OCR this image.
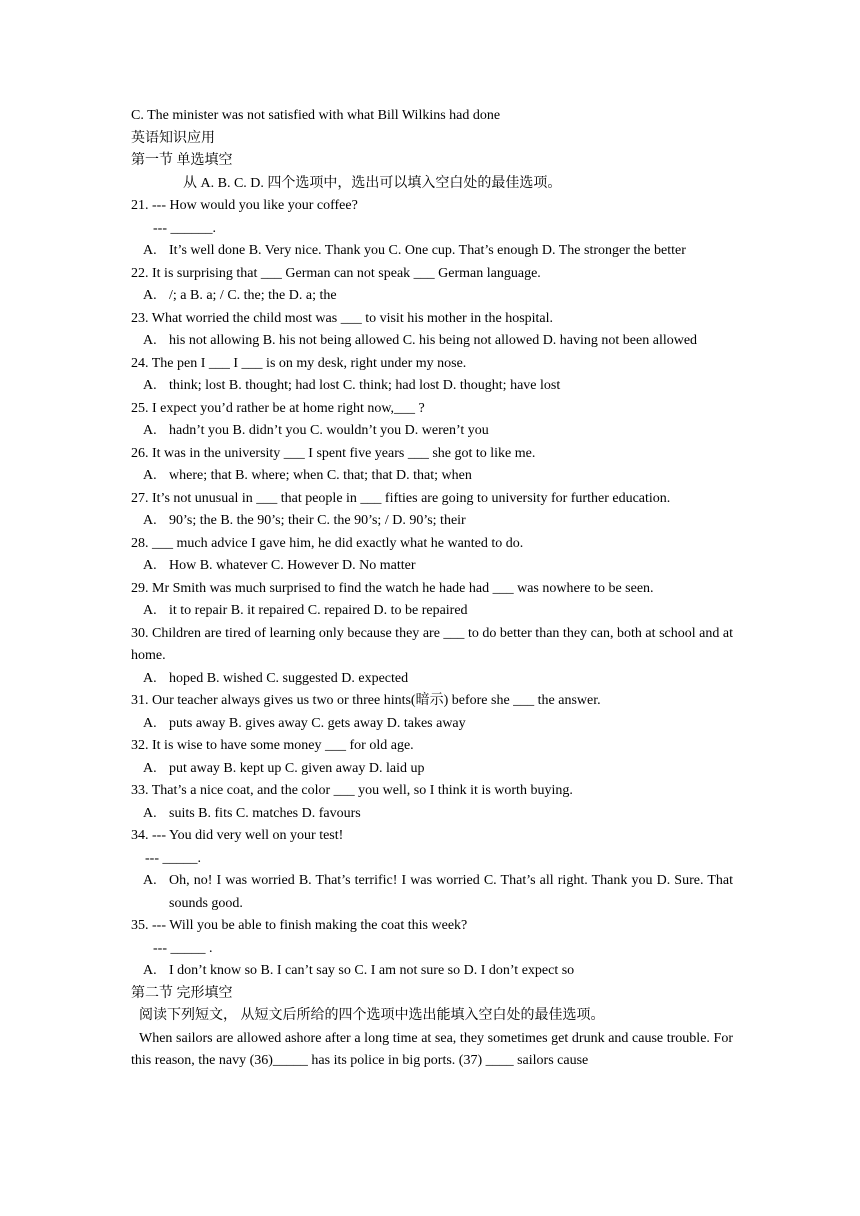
C. The minister was not satisfied with what Bill Wilkins had done
英语知识应用
第一节 单选填空
从 A. B. C. D. 四个选项中，选出可以填入空白处的最佳选项。
21. --- How would you like your coffee?
--- ______.
A. It’s well done B. Very nice. Thank you C. One cup. That’s enough D. The stronger the better
22. It is surprising that ___ German can not speak ___ German language.
A. /; a B. a; / C. the; the D. a; the
23. What worried the child most was ___ to visit his mother in the hospital.
A. his not allowing B. his not being allowed C. his being not allowed D. having not been allowed
24. The pen I ___ I ___ is on my desk, right under my nose.
A. think; lost B. thought; had lost C. think; had lost D. thought; have lost
25. I expect you’d rather be at home right now,___ ?
A. hadn’t you B. didn’t you C. wouldn’t you D. weren’t you
26. It was in the university ___ I spent five years ___ she got to like me.
A. where; that B. where; when C. that; that D. that; when
27. It’s not unusual in ___ that people in ___ fifties are going to university for further education.
A. 90’s; the B. the 90’s; their C. the 90’s; / D. 90’s; their
28. ___ much advice I gave him, he did exactly what he wanted to do.
A. How B. whatever C. However D. No matter
29. Mr Smith was much surprised to find the watch he hade had ___ was nowhere to be seen.
A. it to repair B. it repaired C. repaired D. to be repaired
30. Children are tired of learning only because they are ___ to do better than they can, both at school and at home.
A. hoped B. wished C. suggested D. expected
31. Our teacher always gives us two or three hints(暗示) before she ___ the answer.
A. puts away B. gives away C. gets away D. takes away
32. It is wise to have some money ___ for old age.
A. put away B. kept up C. given away D. laid up
33. That’s a nice coat, and the color ___ you well, so I think it is worth buying.
A. suits B. fits C. matches D. favours
34. --- You did very well on your test!
--- _____.
A. Oh, no! I was worried B. That’s terrific! I was worried C. That’s all right. Thank you D. Sure. That sounds good.
35. --- Will you be able to finish making the coat this week?
--- _____ .
A. I don’t know so B. I can’t say so C. I am not sure so D. I don’t expect so
第二节 完形填空
阅读下列短文， 从短文后所给的四个选项中选出能填入空白处的最佳选项。
When sailors are allowed ashore after a long time at sea, they sometimes get drunk and cause trouble. For this reason, the navy (36)_____ has its police in big ports. (37) ____ sailors cause
